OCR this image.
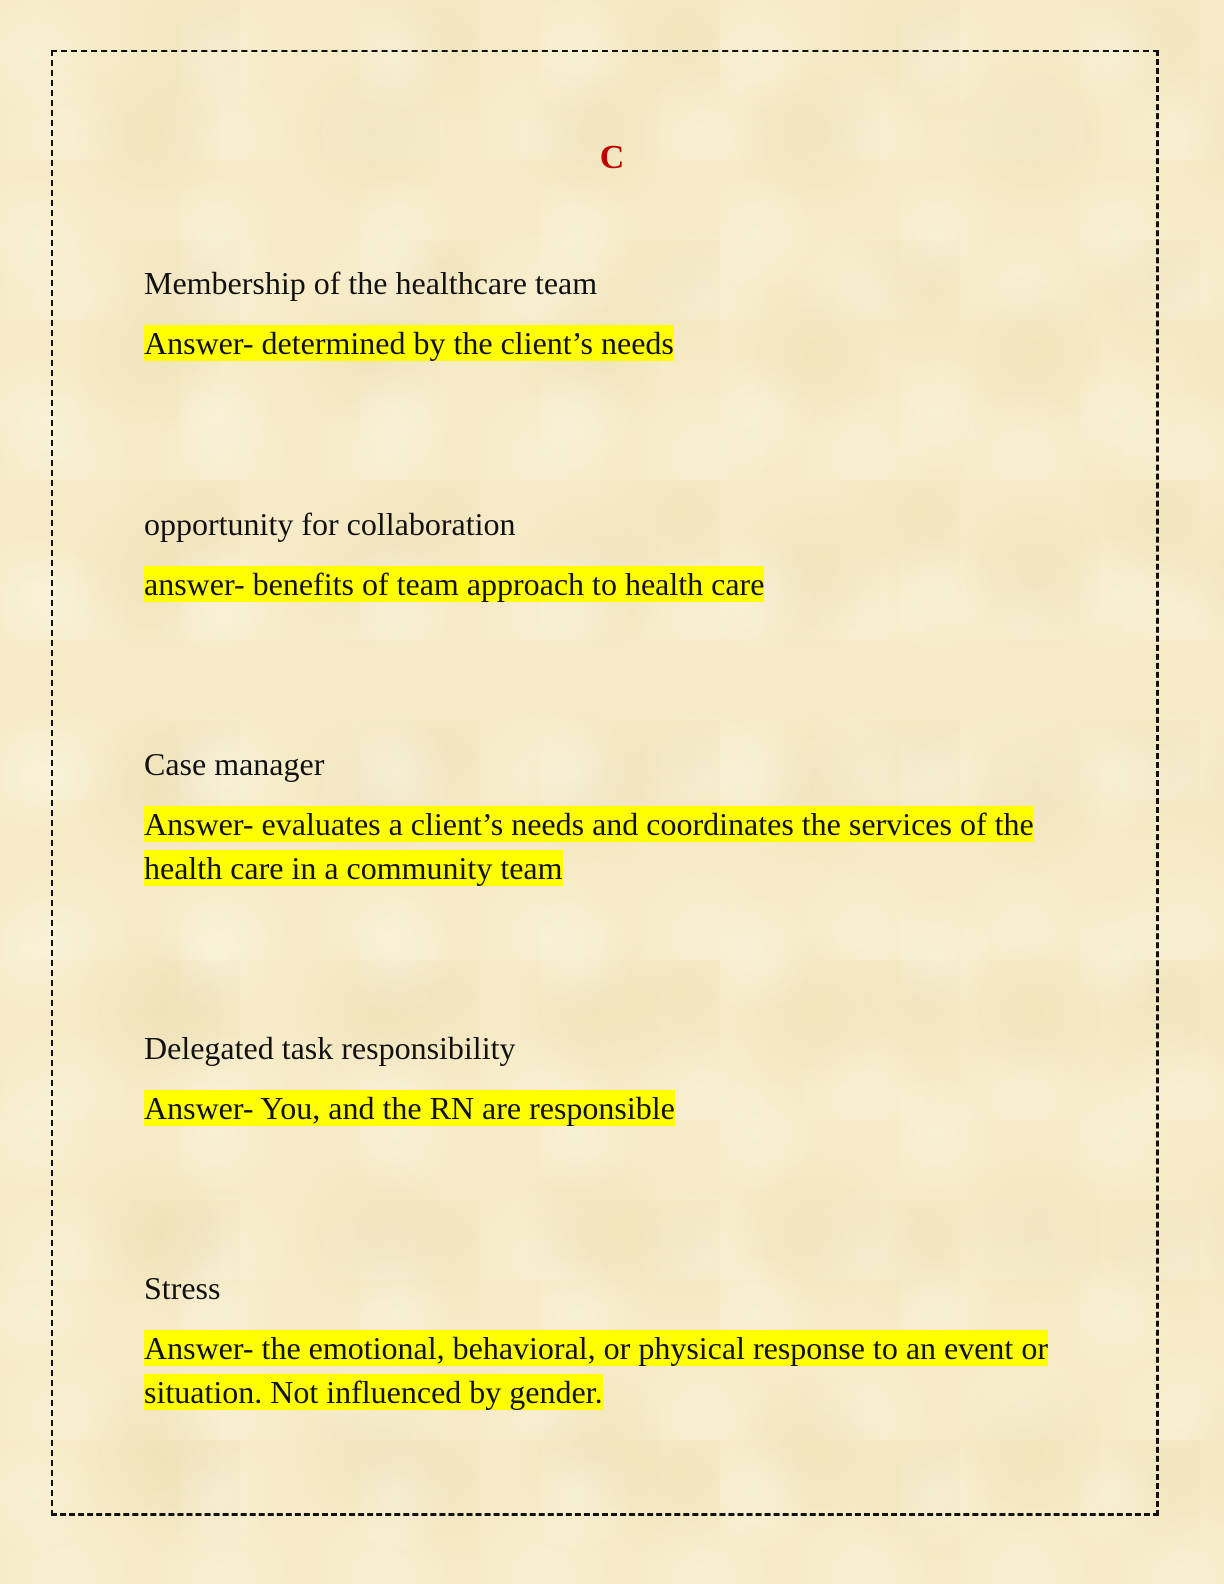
C

Membership of the healthcare team

Answer- determined by the client’s needs

opportunity for collaboration

answer- benefits of team approach to health care

Case manager

Answer- evaluates a client’s needs and coordinates the services of the health care in a community team

Delegated task responsibility

Answer- You, and the RN are responsible

Stress

Answer- the emotional, behavioral, or physical response to an event or situation. Not influenced by gender.
